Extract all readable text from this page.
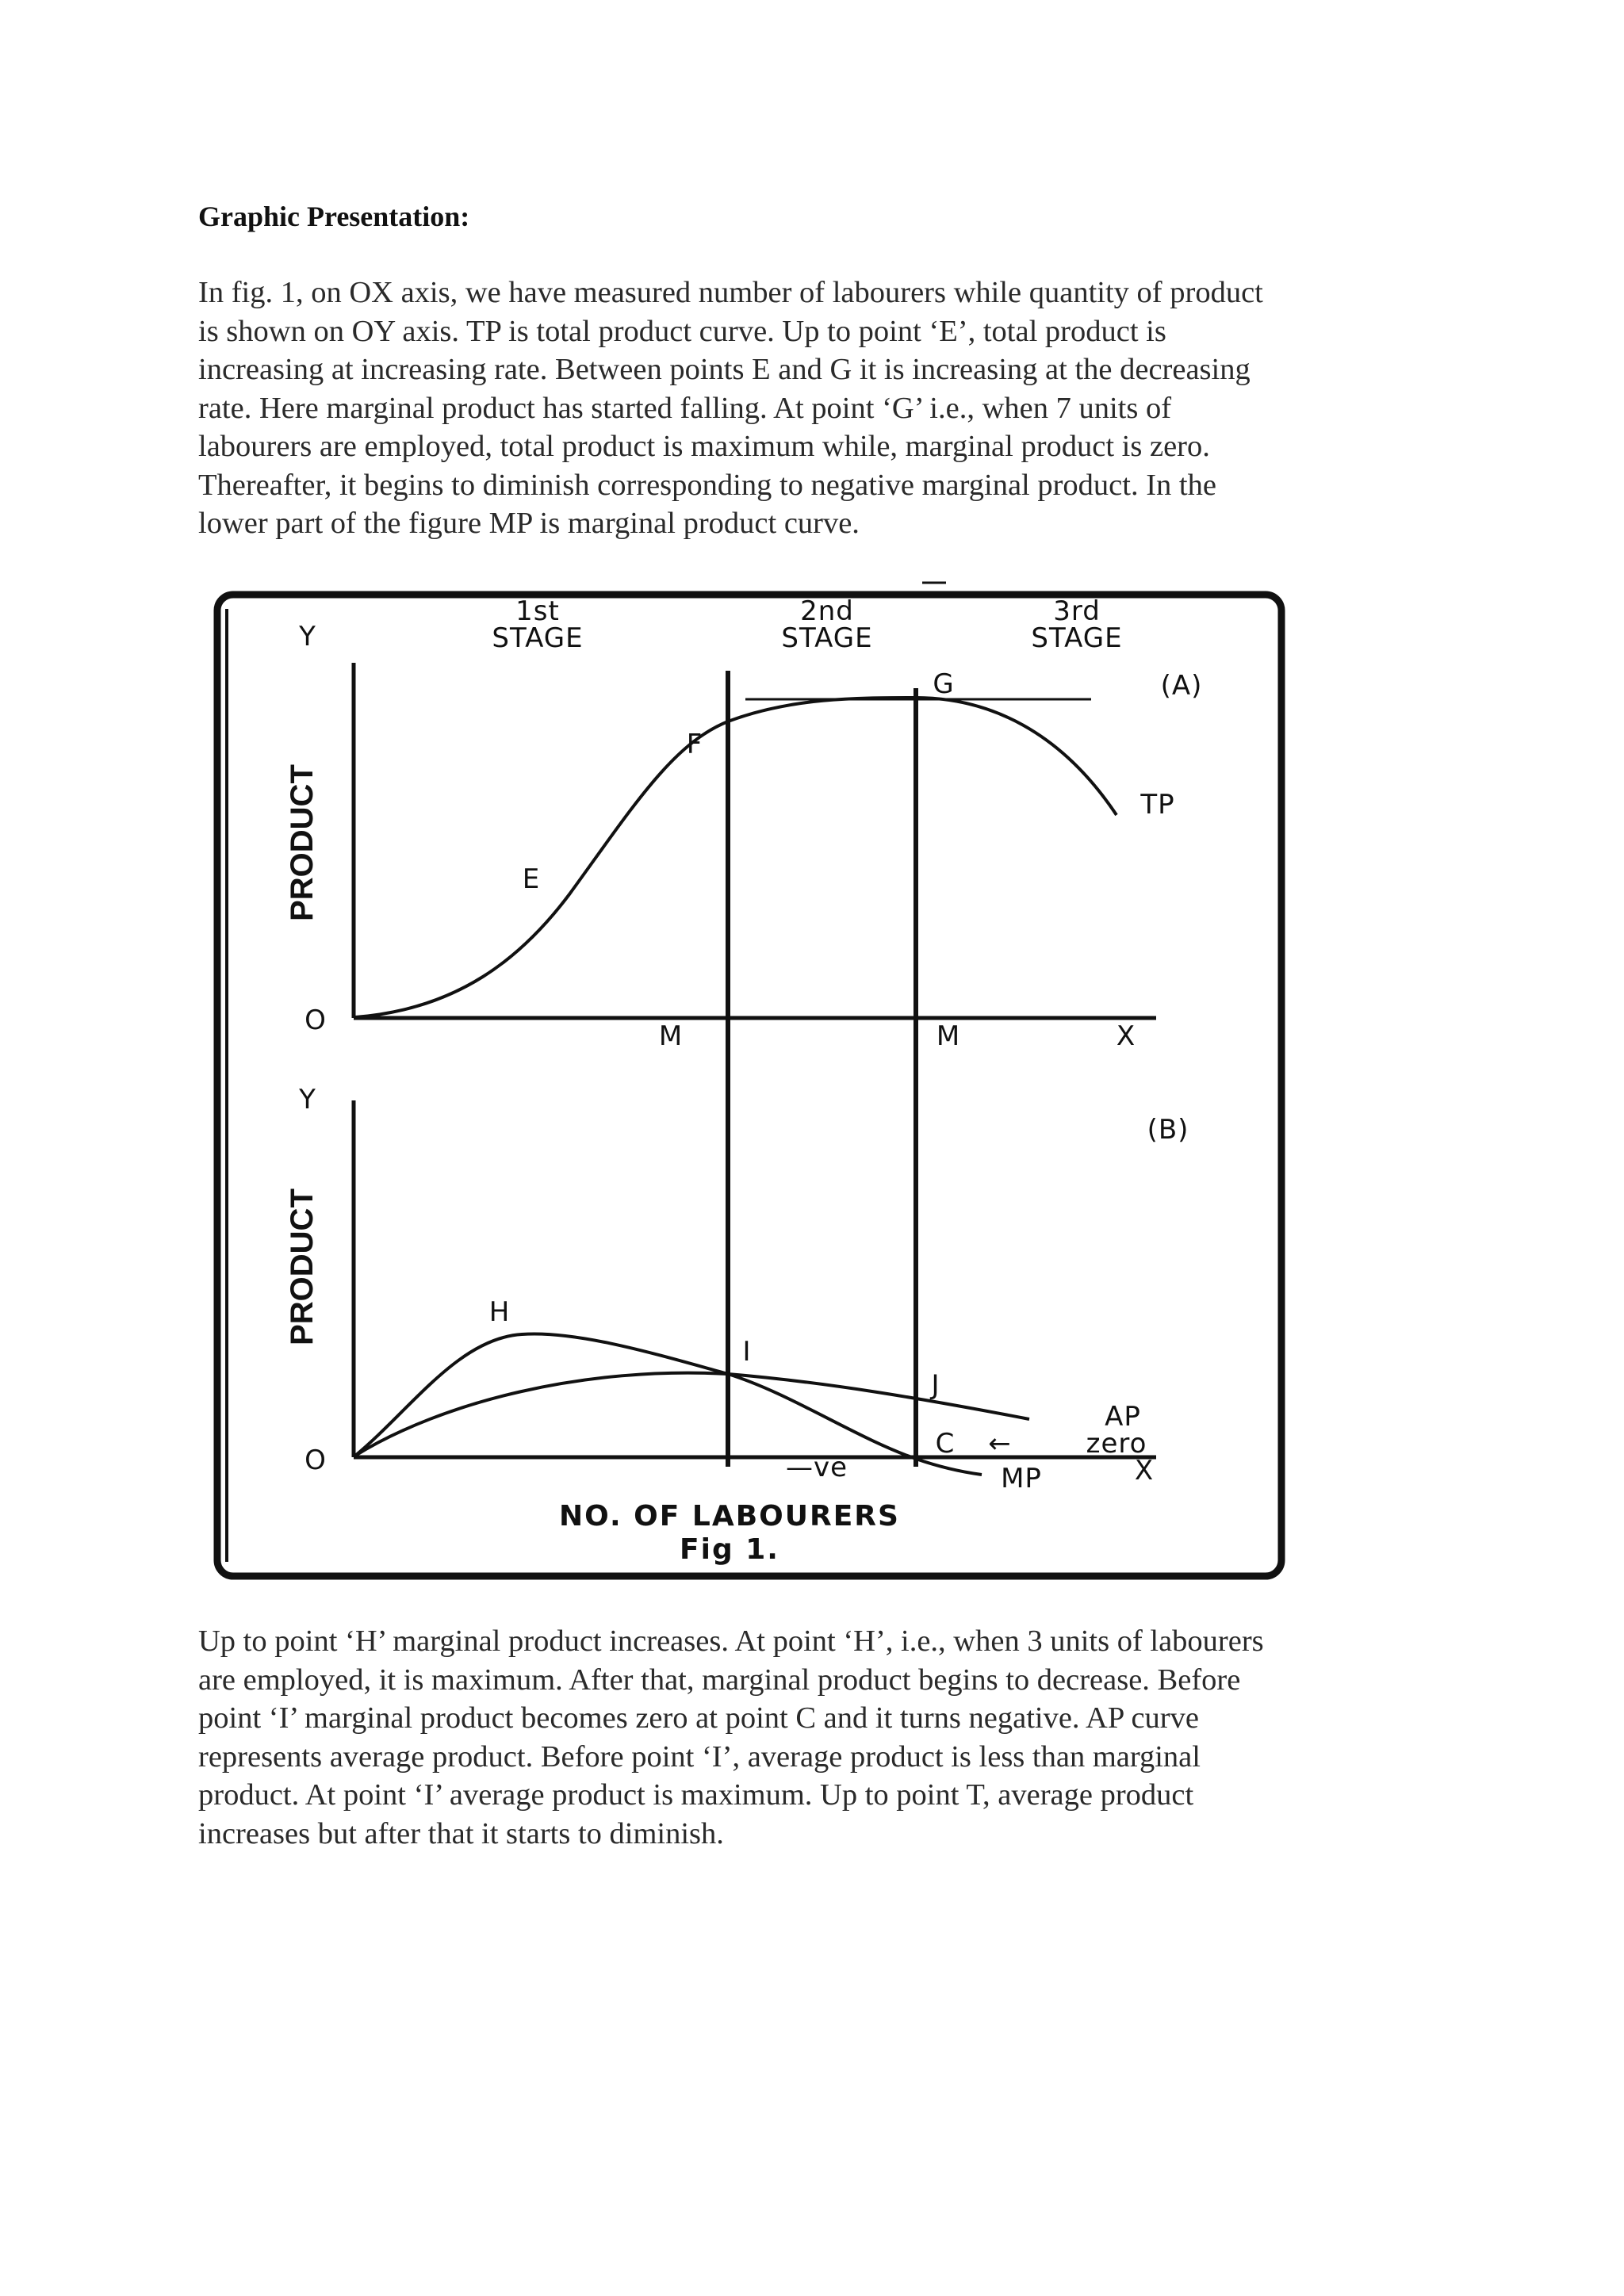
Graphic Presentation:

In fig. 1, on OX axis, we have measured number of labourers while quantity of product
is shown on OY axis. TP is total product curve. Up to point ‘E’, total product is
increasing at increasing rate. Between points E and G it is increasing at the decreasing
rate. Here marginal product has started falling. At point ‘G’ i.e., when 7 units of
labourers are employed, total product is maximum while, marginal product is zero.
Thereafter, it begins to diminish corresponding to negative marginal product. In the
lower part of the figure MP is marginal product curve.

1st
STAGE
2nd
STAGE
3rd
STAGE
Y
(A)
PRODUCT
O	X
M	M
E
F
G
TP
Y
(B)
PRODUCT
O	X
H
I
J
AP
C ←	zero
—ve	MP
NO. OF LABOURERS
Fig 1.

Up to point ‘H’ marginal product increases. At point ‘H’, i.e., when 3 units of labourers
are employed, it is maximum. After that, marginal product begins to decrease. Before
point ‘I’ marginal product becomes zero at point C and it turns negative. AP curve
represents average product. Before point ‘I’, average product is less than marginal
product. At point ‘I’ average product is maximum. Up to point T, average product
increases but after that it starts to diminish.
